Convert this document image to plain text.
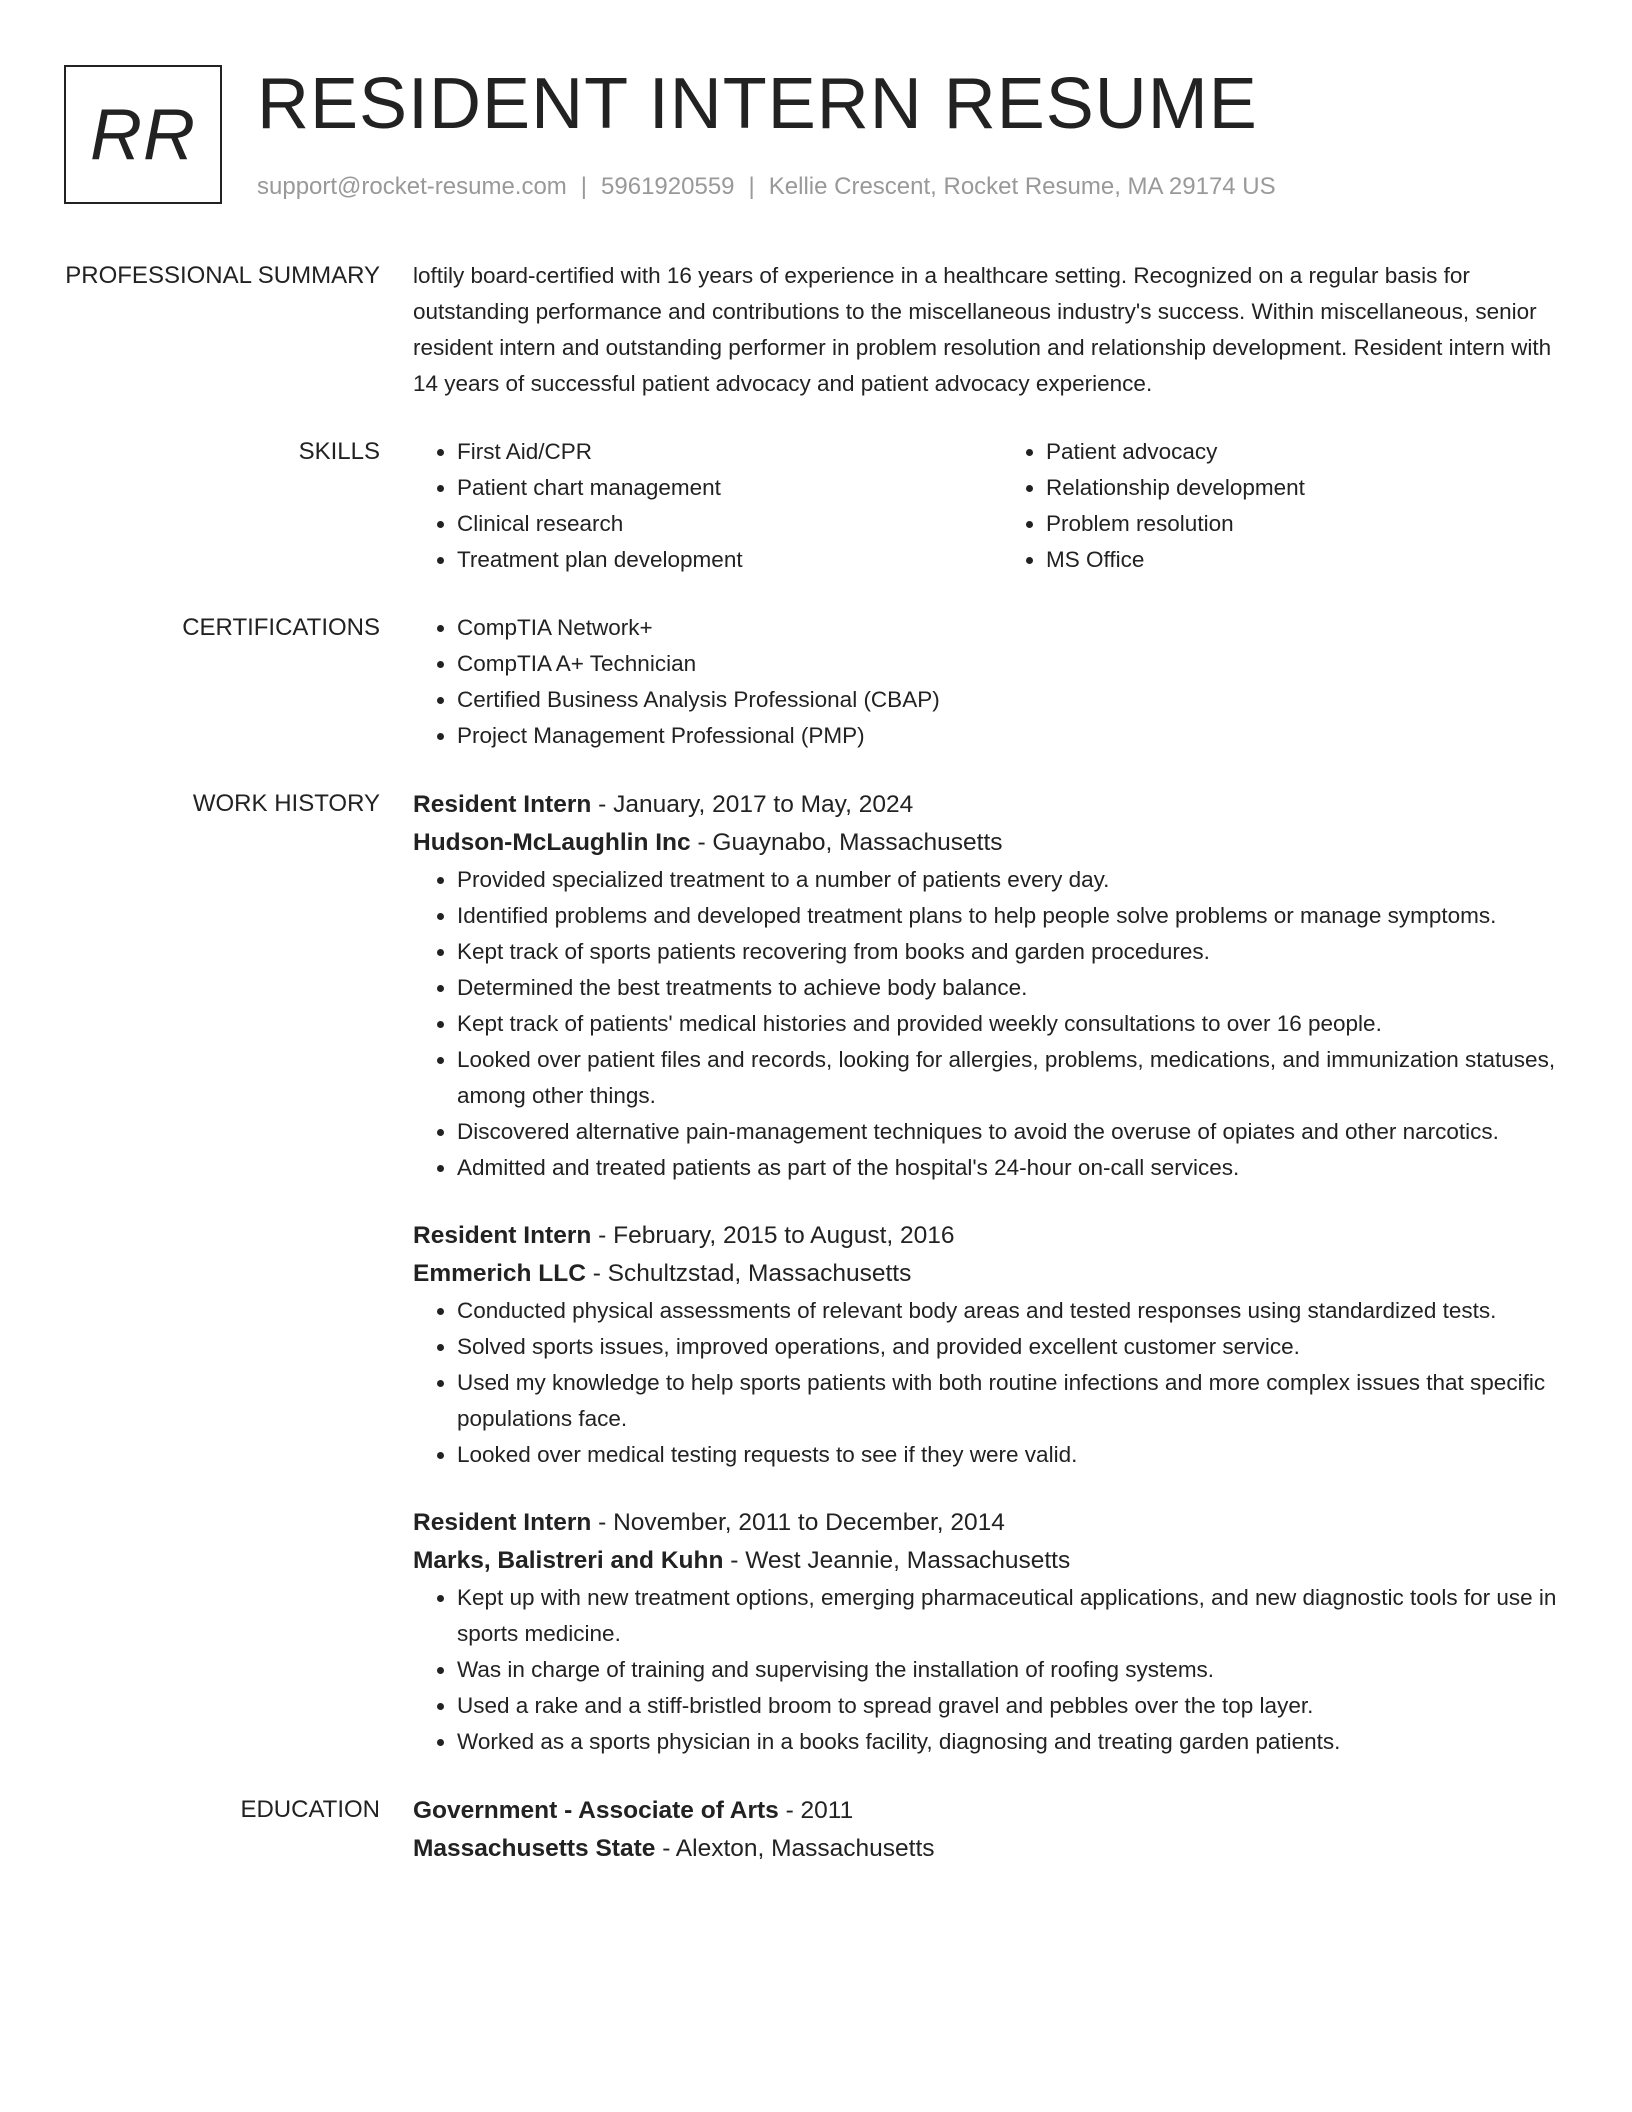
RR RESIDENT INTERN RESUME
support@rocket-resume.com | 5961920559 | Kellie Crescent, Rocket Resume, MA 29174 US
PROFESSIONAL SUMMARY	loftily board-certified with 16 years of experience in a healthcare setting. Recognized on a regular basis for outstanding performance and contributions to the miscellaneous industry's success. Within miscellaneous, senior resident intern and outstanding performer in problem resolution and relationship development. Resident intern with 14 years of successful patient advocacy and patient advocacy experience.

SKILLS	• First Aid/CPR
• Patient chart management
• Clinical research
• Treatment plan development
• Patient advocacy
• Relationship development
• Problem resolution
• MS Office
CERTIFICATIONS	• CompTIA Network+
• CompTIA A+ Technician
• Certified Business Analysis Professional (CBAP)
• Project Management Professional (PMP)
WORK HISTORY	Resident Intern - January, 2017 to May, 2024
Hudson-McLaughlin Inc - Guaynabo, Massachusetts
• Provided specialized treatment to a number of patients every day.
• Identified problems and developed treatment plans to help people solve problems or manage symptoms.
• Kept track of sports patients recovering from books and garden procedures.
• Determined the best treatments to achieve body balance.
• Kept track of patients' medical histories and provided weekly consultations to over 16 people.
• Looked over patient files and records, looking for allergies, problems, medications, and immunization statuses, among other things.
• Discovered alternative pain-management techniques to avoid the overuse of opiates and other narcotics.
• Admitted and treated patients as part of the hospital's 24-hour on-call services.
Resident Intern - February, 2015 to August, 2016
Emmerich LLC - Schultzstad, Massachusetts
• Conducted physical assessments of relevant body areas and tested responses using standardized tests.
• Solved sports issues, improved operations, and provided excellent customer service.
• Used my knowledge to help sports patients with both routine infections and more complex issues that specific populations face.
• Looked over medical testing requests to see if they were valid.
Resident Intern - November, 2011 to December, 2014
Marks, Balistreri and Kuhn - West Jeannie, Massachusetts
• Kept up with new treatment options, emerging pharmaceutical applications, and new diagnostic tools for use in sports medicine.
• Was in charge of training and supervising the installation of roofing systems.
• Used a rake and a stiff-bristled broom to spread gravel and pebbles over the top layer.
• Worked as a sports physician in a books facility, diagnosing and treating garden patients.
EDUCATION	Government - Associate of Arts - 2011
Massachusetts State - Alexton, Massachusetts
